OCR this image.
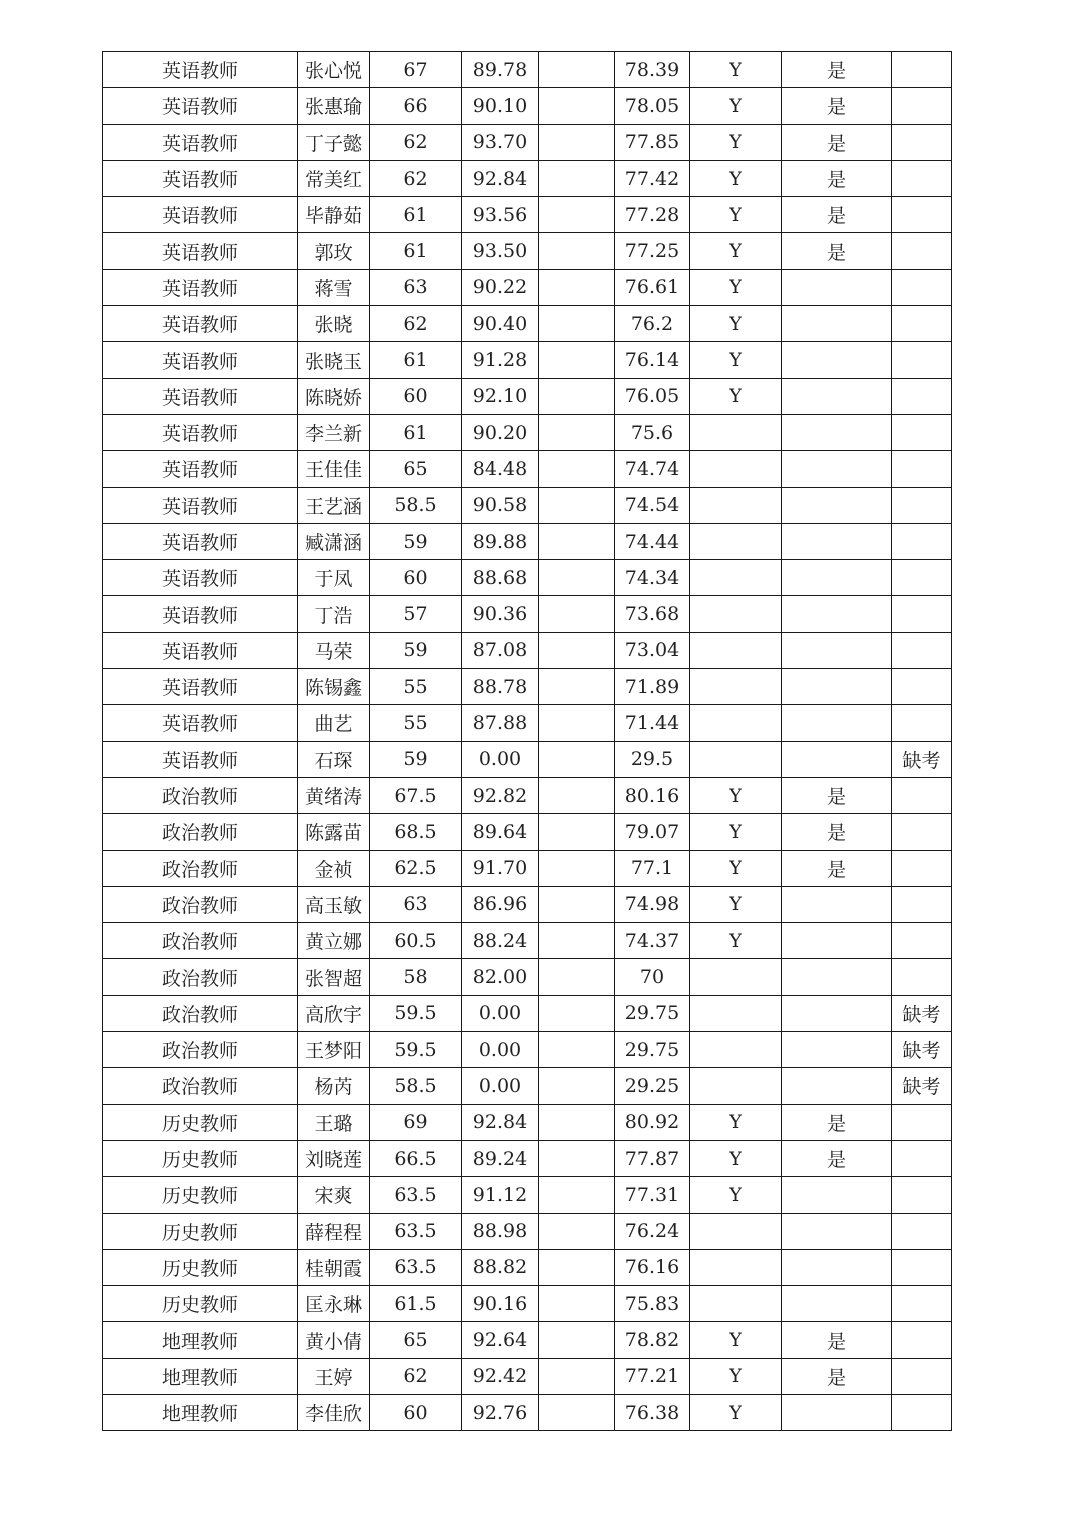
英语教师	张心悦	67	89.78		78.39	Y	是	
英语教师	张惠瑜	66	90.10		78.05	Y	是	
英语教师	丁子懿	62	93.70		77.85	Y	是	
英语教师	常美红	62	92.84		77.42	Y	是	
英语教师	毕静茹	61	93.56		77.28	Y	是	
英语教师	郭玫	61	93.50		77.25	Y	是	
英语教师	蒋雪	63	90.22		76.61	Y		
英语教师	张晓	62	90.40		76.2	Y		
英语教师	张晓玉	61	91.28		76.14	Y		
英语教师	陈晓娇	60	92.10		76.05	Y		
英语教师	李兰新	61	90.20		75.6			
英语教师	王佳佳	65	84.48		74.74			
英语教师	王艺涵	58.5	90.58		74.54			
英语教师	臧潇涵	59	89.88		74.44			
英语教师	于凤	60	88.68		74.34			
英语教师	丁浩	57	90.36		73.68			
英语教师	马荣	59	87.08		73.04			
英语教师	陈锡鑫	55	88.78		71.89			
英语教师	曲艺	55	87.88		71.44			
英语教师	石琛	59	0.00		29.5			缺考
政治教师	黄绪涛	67.5	92.82		80.16	Y	是	
政治教师	陈露苗	68.5	89.64		79.07	Y	是	
政治教师	金祯	62.5	91.70		77.1	Y	是	
政治教师	高玉敏	63	86.96		74.98	Y		
政治教师	黄立娜	60.5	88.24		74.37	Y		
政治教师	张智超	58	82.00		70			
政治教师	高欣宇	59.5	0.00		29.75			缺考
政治教师	王梦阳	59.5	0.00		29.75			缺考
政治教师	杨芮	58.5	0.00		29.25			缺考
历史教师	王璐	69	92.84		80.92	Y	是	
历史教师	刘晓莲	66.5	89.24		77.87	Y	是	
历史教师	宋爽	63.5	91.12		77.31	Y		
历史教师	薛程程	63.5	88.98		76.24			
历史教师	桂朝霞	63.5	88.82		76.16			
历史教师	匡永琳	61.5	90.16		75.83			
地理教师	黄小倩	65	92.64		78.82	Y	是	
地理教师	王婷	62	92.42		77.21	Y	是	
地理教师	李佳欣	60	92.76		76.38	Y		
